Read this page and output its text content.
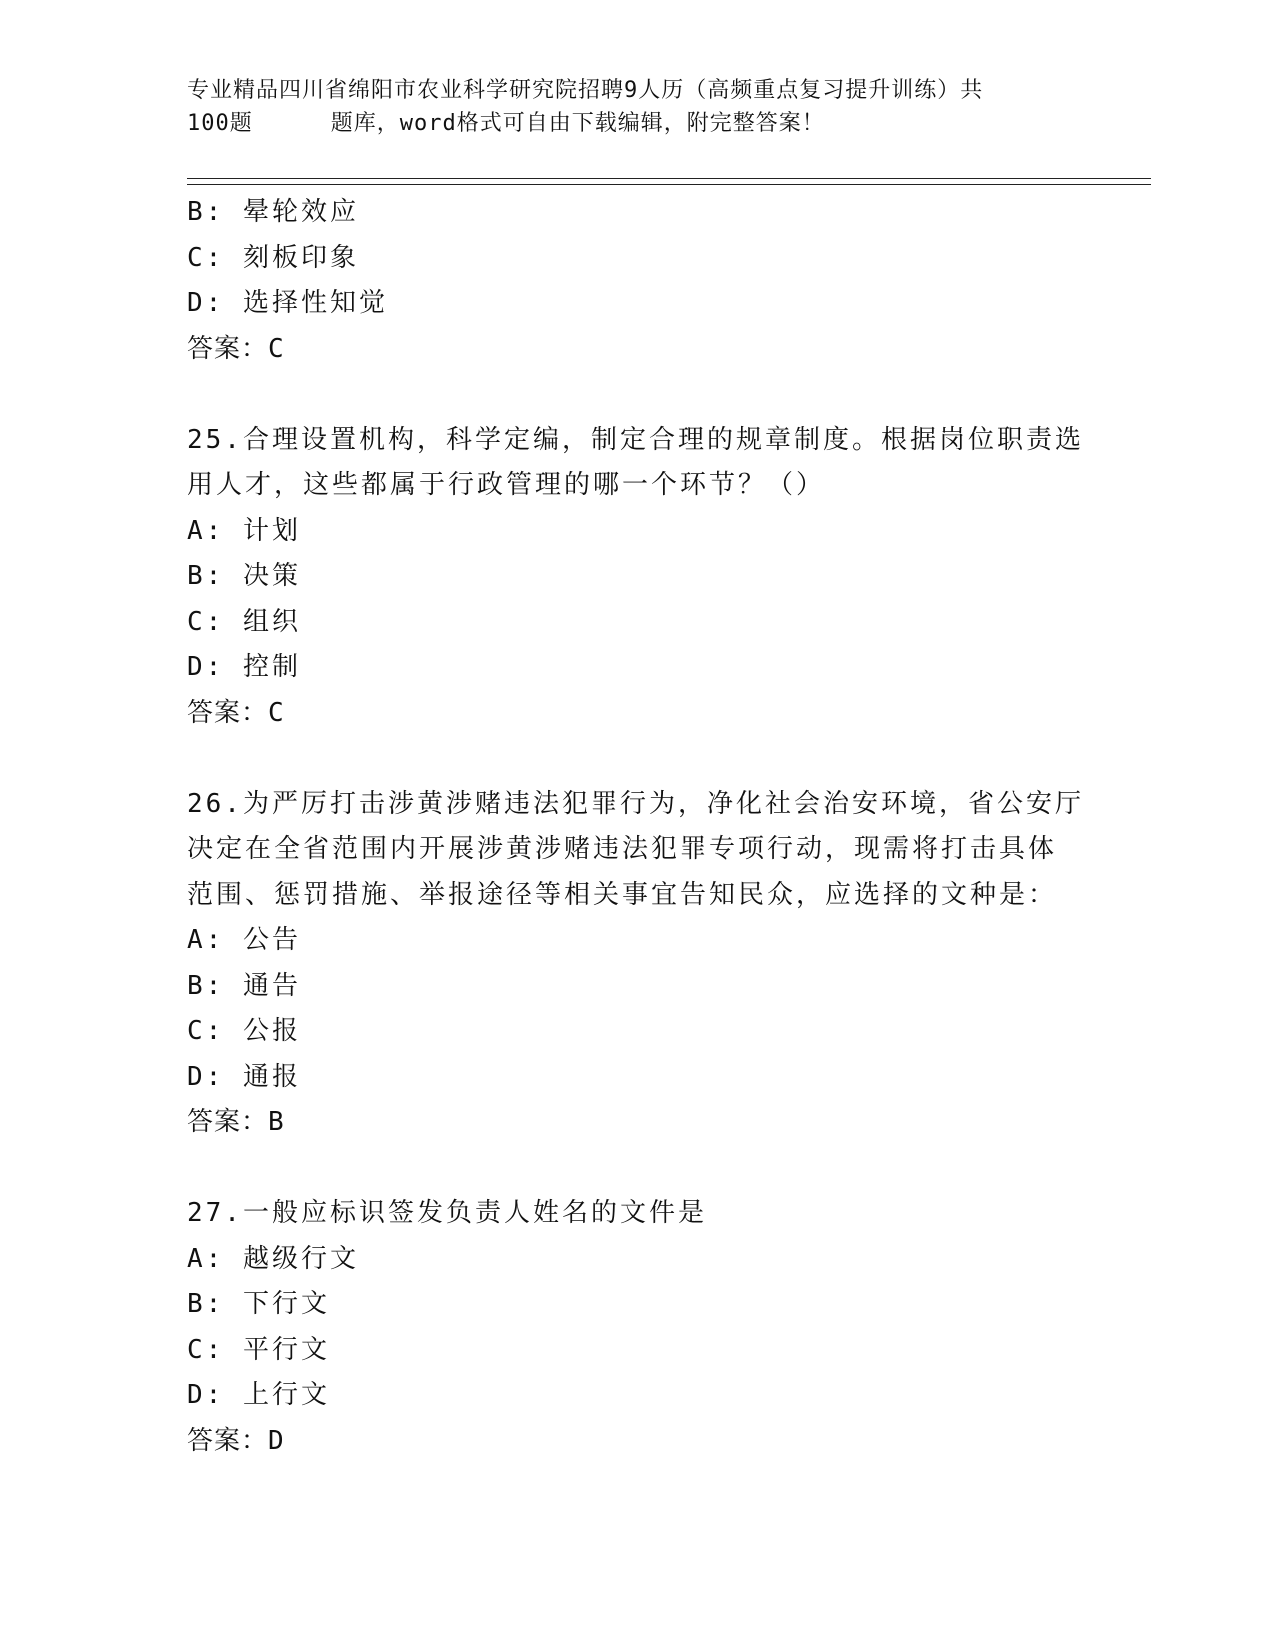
专业精品四川省绵阳市农业科学研究院招聘9人历（高频重点复习提升训练）共
100题	题库，word格式可自由下载编辑，附完整答案！
B: 晕轮效应
C: 刻板印象
D: 选择性知觉
答案：C
25.合理设置机构，科学定编，制定合理的规章制度。根据岗位职责选
用人才，这些都属于行政管理的哪一个环节？（）
A: 计划
B: 决策
C: 组织
D: 控制
答案：C
26.为严厉打击涉黄涉赌违法犯罪行为，净化社会治安环境，省公安厅
决定在全省范围内开展涉黄涉赌违法犯罪专项行动，现需将打击具体
范围、惩罚措施、举报途径等相关事宜告知民众，应选择的文种是：
A: 公告
B: 通告
C: 公报
D: 通报
答案：B
27.一般应标识签发负责人姓名的文件是
A: 越级行文
B: 下行文
C: 平行文
D: 上行文
答案：D
